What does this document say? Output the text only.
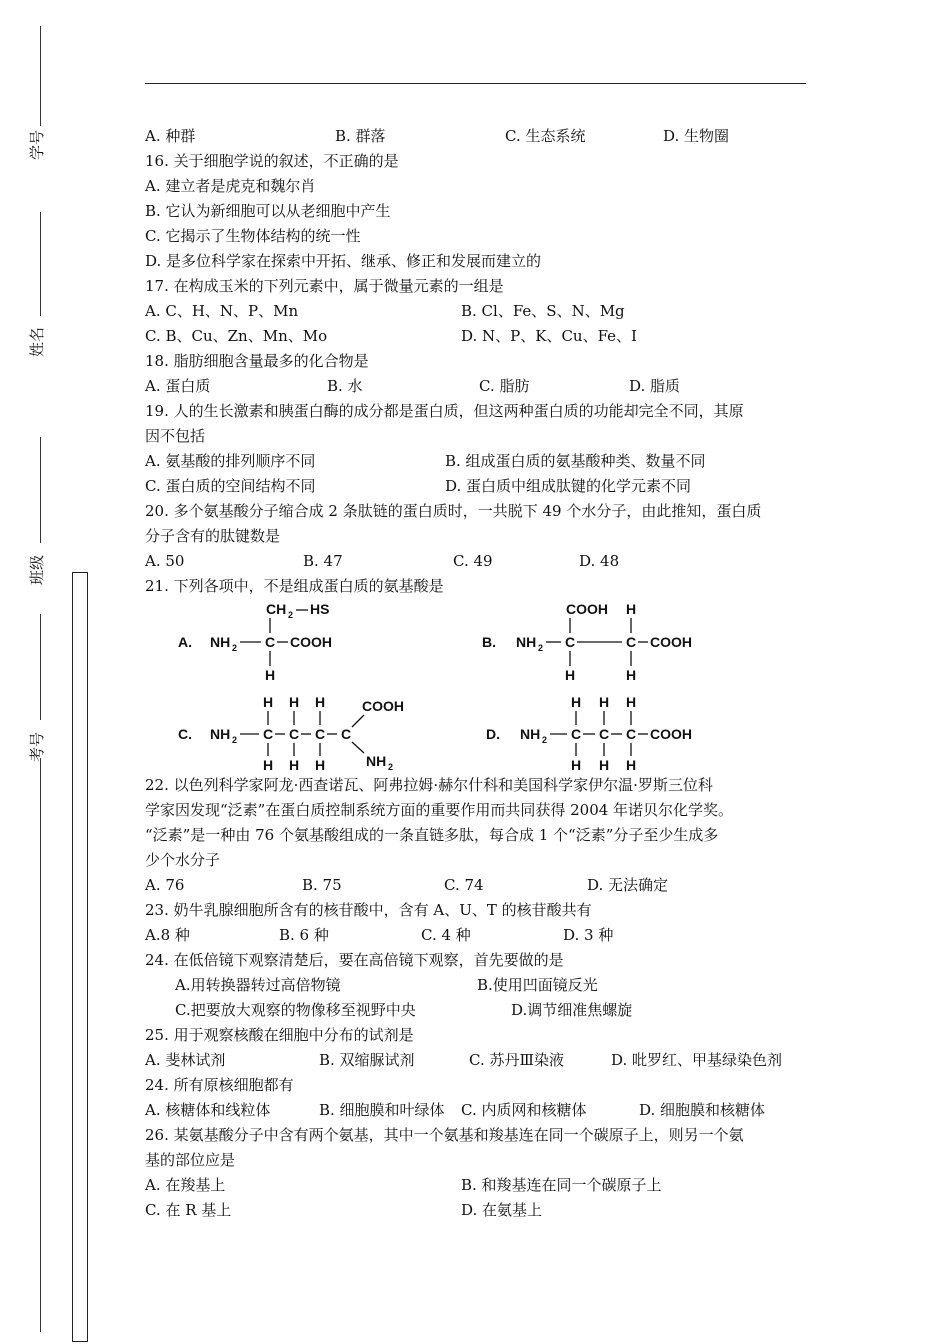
学号
姓名
班级
考号
A. 种群	B. 群落	C. 生态系统	D. 生物圈
16. 关于细胞学说的叙述，不正确的是
A. 建立者是虎克和魏尔肖
B. 它认为新细胞可以从老细胞中产生
C. 它揭示了生物体结构的统一性
D. 是多位科学家在探索中开拓、继承、修正和发展而建立的
17. 在构成玉米的下列元素中，属于微量元素的一组是
A. C、H、N、P、Mn	B. Cl、Fe、S、N、Mg
C. B、Cu、Zn、Mn、Mo	D. N、P、K、Cu、Fe、I
18. 脂肪细胞含量最多的化合物是
A. 蛋白质	B. 水	C. 脂肪	D. 脂质
19. 人的生长激素和胰蛋白酶的成分都是蛋白质，但这两种蛋白质的功能却完全不同，其原
因不包括
A. 氨基酸的排列顺序不同	B. 组成蛋白质的氨基酸种类、数量不同
C. 蛋白质的空间结构不同	D. 蛋白质中组成肽键的化学元素不同
20. 多个氨基酸分子缩合成 2 条肽链的蛋白质时，一共脱下 49 个水分子，由此推知，蛋白质
分子含有的肽键数是
A. 50	B. 47	C. 49	D. 48
21. 下列各项中，不是组成蛋白质的氨基酸是
A.
CH 2 HS
NH 2 C COOH
H
B.
COOH H
NH 2 C	C COOH
H	H
C.
H H H	COOH
NH 2 C C C C
H H H	NH 2
D.
H H H
NH 2 C C C COOH
H H H
22. 以色列科学家阿龙·西查诺瓦、阿弗拉姆·赫尔什科和美国科学家伊尔温·罗斯三位科
学家因发现“泛素”在蛋白质控制系统方面的重要作用而共同获得 2004 年诺贝尔化学奖。
“泛素”是一种由 76 个氨基酸组成的一条直链多肽，每合成 1 个“泛素”分子至少生成多
少个水分子
A. 76	B. 75	C. 74	D. 无法确定
23. 奶牛乳腺细胞所含有的核苷酸中，含有 A、U、T 的核苷酸共有
A.8 种	B. 6 种	C. 4 种	D. 3 种
24. 在低倍镜下观察清楚后，要在高倍镜下观察，首先要做的是
A.用转换器转过高倍物镜	B.使用凹面镜反光
C.把要放大观察的物像移至视野中央	D.调节细准焦螺旋
25. 用于观察核酸在细胞中分布的试剂是
A. 斐林试剂	B. 双缩脲试剂	C. 苏丹Ⅲ染液	D. 吡罗红、甲基绿染色剂
24. 所有原核细胞都有
A. 核糖体和线粒体	B. 细胞膜和叶绿体 C. 内质网和核糖体	D. 细胞膜和核糖体
26. 某氨基酸分子中含有两个氨基，其中一个氨基和羧基连在同一个碳原子上，则另一个氨
基的部位应是
A. 在羧基上	B. 和羧基连在同一个碳原子上
C. 在 R 基上	D. 在氨基上
